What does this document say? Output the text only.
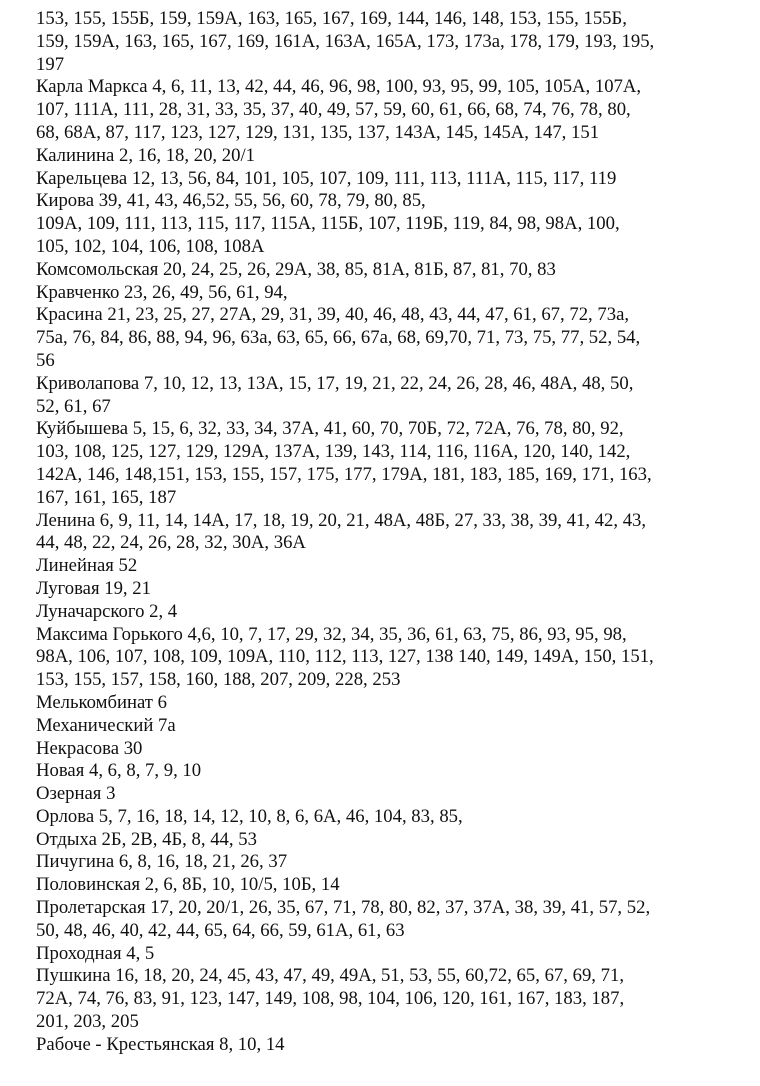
153, 155, 155Б, 159, 159А, 163, 165, 167, 169, 144, 146, 148, 153, 155, 155Б,
159, 159А, 163, 165, 167, 169, 161А, 163А, 165А, 173, 173а, 178, 179, 193, 195,
197
Карла Маркса 4, 6, 11, 13, 42, 44, 46, 96, 98, 100, 93, 95, 99, 105, 105А, 107А,
107, 111А, 111, 28, 31, 33, 35, 37, 40, 49, 57, 59, 60, 61, 66, 68, 74, 76, 78, 80,
68, 68А, 87, 117, 123, 127, 129, 131, 135, 137, 143А, 145, 145А, 147, 151
Калинина 2, 16, 18, 20, 20/1
Карельцева 12, 13, 56, 84, 101, 105, 107, 109, 111, 113, 111А, 115, 117, 119
Кирова 39, 41, 43, 46,52, 55, 56, 60, 78, 79, 80, 85,
109А, 109, 111, 113, 115, 117, 115А, 115Б, 107, 119Б, 119, 84, 98, 98А, 100,
105, 102, 104, 106, 108, 108А
Комсомольская 20, 24, 25, 26, 29А, 38, 85, 81А, 81Б, 87, 81, 70, 83
Кравченко 23, 26, 49, 56, 61, 94,
Красина 21, 23, 25, 27, 27А, 29, 31, 39, 40, 46, 48, 43, 44, 47, 61, 67, 72, 73а,
75а, 76, 84, 86, 88, 94, 96, 63а, 63, 65, 66, 67а, 68, 69,70, 71, 73, 75, 77, 52, 54,
56
Криволапова 7, 10, 12, 13, 13А, 15, 17, 19, 21, 22, 24, 26, 28, 46, 48А, 48, 50,
52, 61, 67
Куйбышева 5, 15, 6, 32, 33, 34, 37А, 41, 60, 70, 70Б, 72, 72А, 76, 78, 80, 92,
103, 108, 125, 127, 129, 129А, 137А, 139, 143, 114, 116, 116А, 120, 140, 142,
142А, 146, 148,151, 153, 155, 157, 175, 177, 179А, 181, 183, 185, 169, 171, 163,
167, 161, 165, 187
Ленина 6, 9, 11, 14, 14А, 17, 18, 19, 20, 21, 48А, 48Б, 27, 33, 38, 39, 41, 42, 43,
44, 48, 22, 24, 26, 28, 32, 30А, 36А
Линейная 52
Луговая 19, 21
Луначарского 2, 4
Максима Горького 4,6, 10, 7, 17, 29, 32, 34, 35, 36, 61, 63, 75, 86, 93, 95, 98,
98А, 106, 107, 108, 109, 109А, 110, 112, 113, 127, 138 140, 149, 149А, 150, 151,
153, 155, 157, 158, 160, 188, 207, 209, 228, 253
Мелькомбинат 6
Механический 7а
Некрасова 30
Новая 4, 6, 8, 7, 9, 10
Озерная 3
Орлова 5, 7, 16, 18, 14, 12, 10, 8, 6, 6А, 46, 104, 83, 85,
Отдыха 2Б, 2В, 4Б, 8, 44, 53
Пичугина 6, 8, 16, 18, 21, 26, 37
Половинская 2, 6, 8Б, 10, 10/5, 10Б, 14
Пролетарская 17, 20, 20/1, 26, 35, 67, 71, 78, 80, 82, 37, 37А, 38, 39, 41, 57, 52,
50, 48, 46, 40, 42, 44, 65, 64, 66, 59, 61А, 61, 63
Проходная 4, 5
Пушкина 16, 18, 20, 24, 45, 43, 47, 49, 49А, 51, 53, 55, 60,72, 65, 67, 69, 71,
72А, 74, 76, 83, 91, 123, 147, 149, 108, 98, 104, 106, 120, 161, 167, 183, 187,
201, 203, 205
Рабоче - Крестьянская 8, 10, 14
